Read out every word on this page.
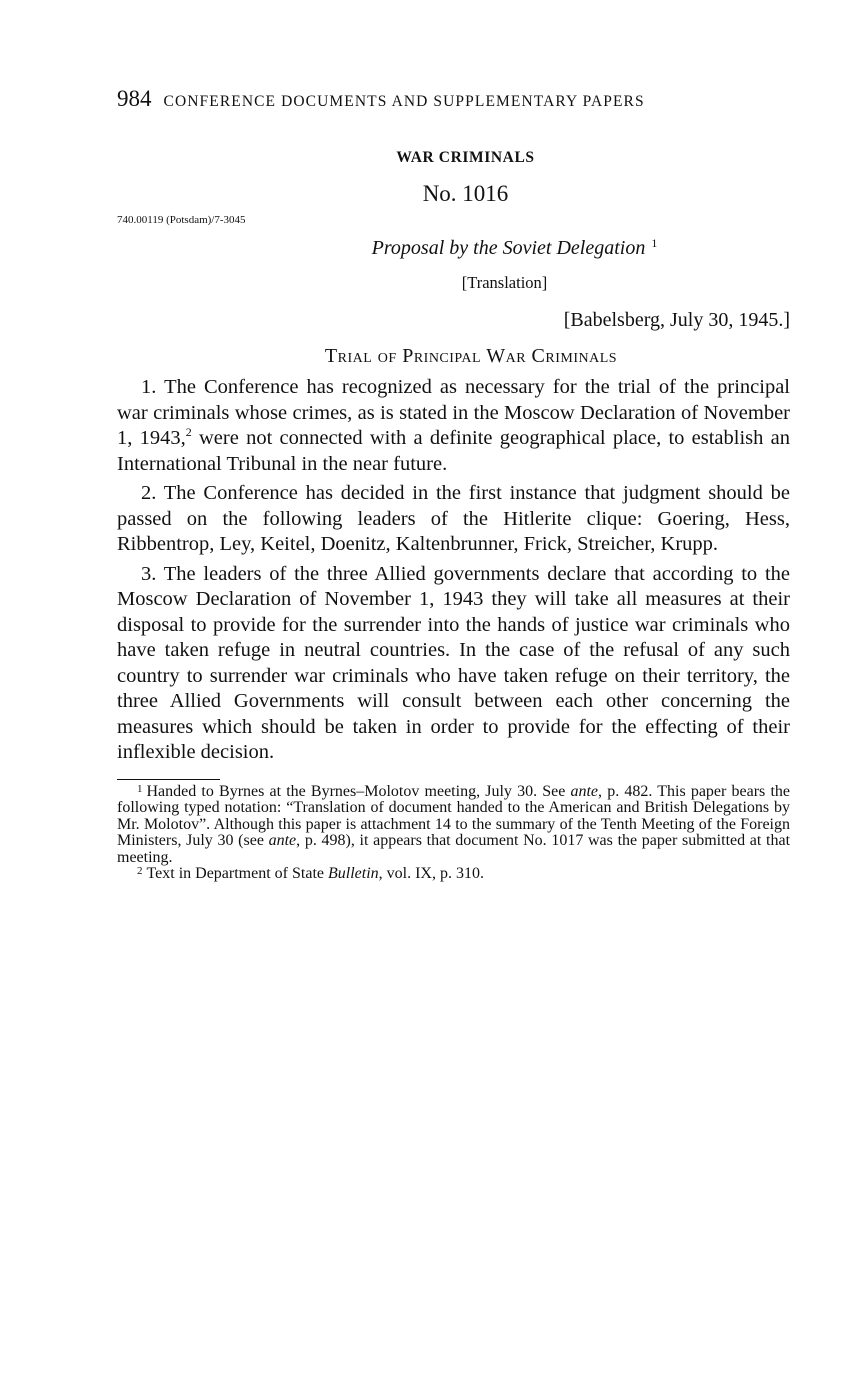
984 CONFERENCE DOCUMENTS AND SUPPLEMENTARY PAPERS
WAR CRIMINALS
No. 1016
740.00119 (Potsdam)/7-3045
Proposal by the Soviet Delegation $^1$
[Translation]
[Babelsberg, July 30, 1945.]
Trial of Principal War Criminals

1. The Conference has recognized as necessary for the trial of the principal war criminals whose crimes, as is stated in the Moscow Declaration of November 1, 1943,$^2$ were not connected with a definite geographical place, to establish an International Tribunal in the near future.

2. The Conference has decided in the first instance that judgment should be passed on the following leaders of the Hitlerite clique: Goering, Hess, Ribbentrop, Ley, Keitel, Doenitz, Kaltenbrunner, Frick, Streicher, Krupp.

3. The leaders of the three Allied governments declare that according to the Moscow Declaration of November 1, 1943 they will take all measures at their disposal to provide for the surrender into the hands of justice war criminals who have taken refuge in neutral countries. In the case of the refusal of any such country to surrender war criminals who have taken refuge on their territory, the three Allied Governments will consult between each other concerning the measures which should be taken in order to provide for the effecting of their inflexible decision.

$^1$ Handed to Byrnes at the Byrnes–Molotov meeting, July 30. See ante, p. 482. This paper bears the following typed notation: “Translation of document handed to the American and British Delegations by Mr. Molotov”. Although this paper is attachment 14 to the summary of the Tenth Meeting of the Foreign Ministers, July 30 (see ante, p. 498), it appears that document No. 1017 was the paper submitted at that meeting.

$^2$ Text in Department of State Bulletin, vol. IX, p. 310.
